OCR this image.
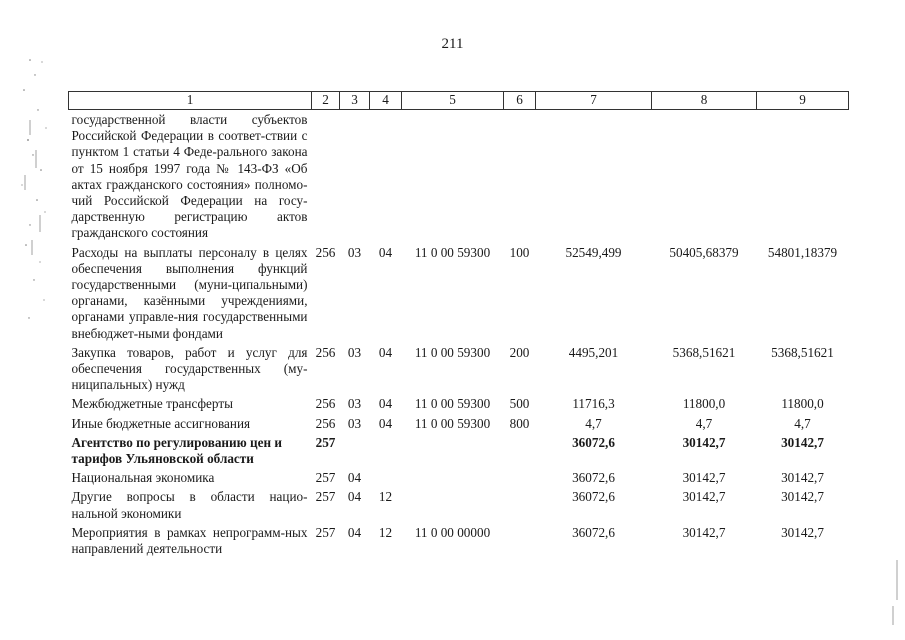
211
1	2	3	4	5	6	7	8	9
государственной власти субъектов Российской Федерации в соответ-ствии с пунктом 1 статьи 4 Феде-рального закона от 15 ноября 1997 года № 143-ФЗ «Об актах гражданского состояния» полномо-чий Российской Федерации на госу-дарственную регистрацию актов гражданского состояния								
Расходы на выплаты персоналу в целях обеспечения выполнения функций государственными (муни-ципальными) органами, казёнными учреждениями, органами управле-ния государственными внебюджет-ными фондами	256	03	04	11 0 00 59300	100	52549,499	50405,68379	54801,18379
Закупка товаров, работ и услуг для обеспечения государственных (му-ниципальных) нужд	256	03	04	11 0 00 59300	200	4495,201	5368,51621	5368,51621
Межбюджетные трансферты	256	03	04	11 0 00 59300	500	11716,3	11800,0	11800,0
Иные бюджетные ассигнования	256	03	04	11 0 00 59300	800	4,7	4,7	4,7
Агентство по регулированию цен и тарифов Ульяновской области	257					36072,6	30142,7	30142,7
Национальная экономика	257	04				36072,6	30142,7	30142,7
Другие вопросы в области нацио-нальной экономики	257	04	12			36072,6	30142,7	30142,7
Мероприятия в рамках непрограмм-ных направлений деятельности	257	04	12	11 0 00 00000		36072,6	30142,7	30142,7
